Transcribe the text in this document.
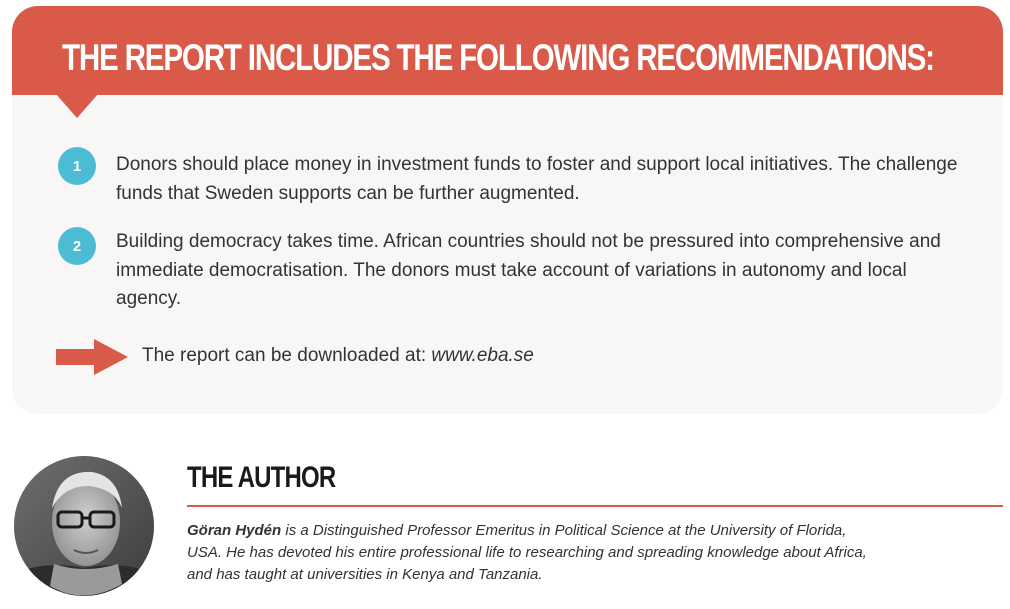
THE REPORT INCLUDES THE FOLLOWING RECOMMENDATIONS:
1	Donors should place money in investment funds to foster and support local initiatives. The challenge funds that Sweden supports can be further augmented.
2	Building democracy takes time. African countries should not be pressured into comprehensive and immediate democratisation. The donors must take account of variations in autonomy and local agency.
The report can be downloaded at: www.eba.se
THE AUTHOR

Göran Hydén is a Distinguished Professor Emeritus in Political Science at the University of Florida, USA. He has devoted his entire professional life to researching and spreading knowledge about Africa, and has taught at universities in Kenya and Tanzania.
